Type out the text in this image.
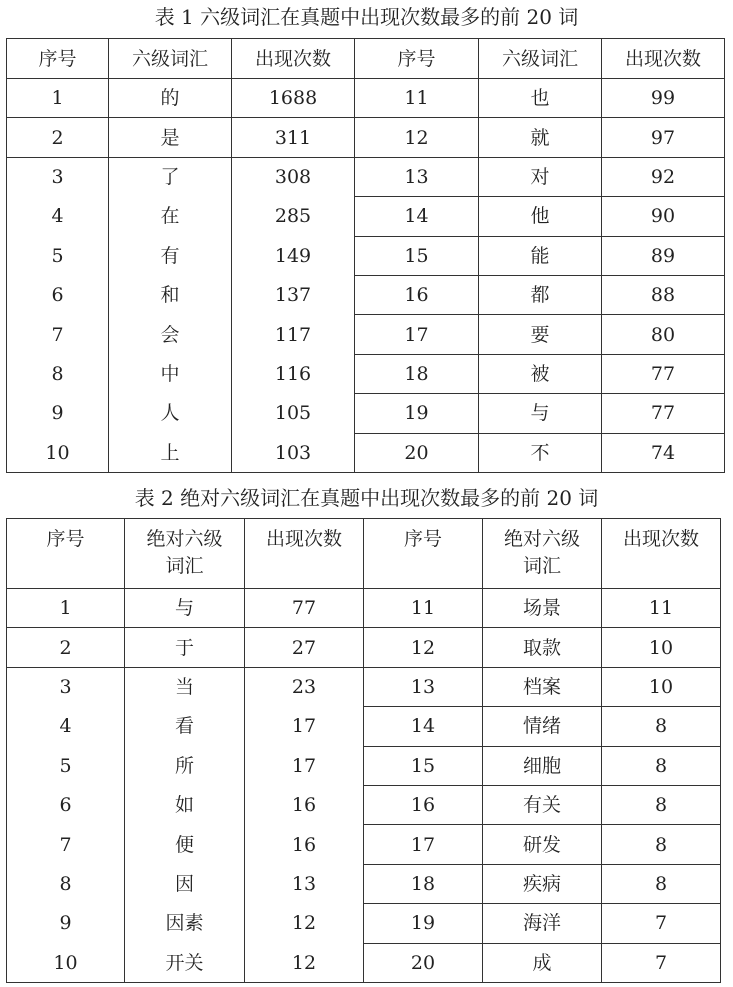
表 1 六级词汇在真题中出现次数最多的前 20 词
序号	六级词汇	出现次数	序号	六级词汇	出现次数
1	的	1688	11	也	99
2	是	311	12	就	97
3	了	308	13	对	92
4	在	285	14	他	90
5	有	149	15	能	89
6	和	137	16	都	88
7	会	117	17	要	80
8	中	116	18	被	77
9	人	105	19	与	77
10	上	103	20	不	74
表 2 绝对六级词汇在真题中出现次数最多的前 20 词
序号	绝对六级词汇	出现次数	序号	绝对六级词汇	出现次数
1	与	77	11	场景	11
2	于	27	12	取款	10
3	当	23	13	档案	10
4	看	17	14	情绪	8
5	所	17	15	细胞	8
6	如	16	16	有关	8
7	便	16	17	研发	8
8	因	13	18	疾病	8
9	因素	12	19	海洋	7
10	开关	12	20	成	7
